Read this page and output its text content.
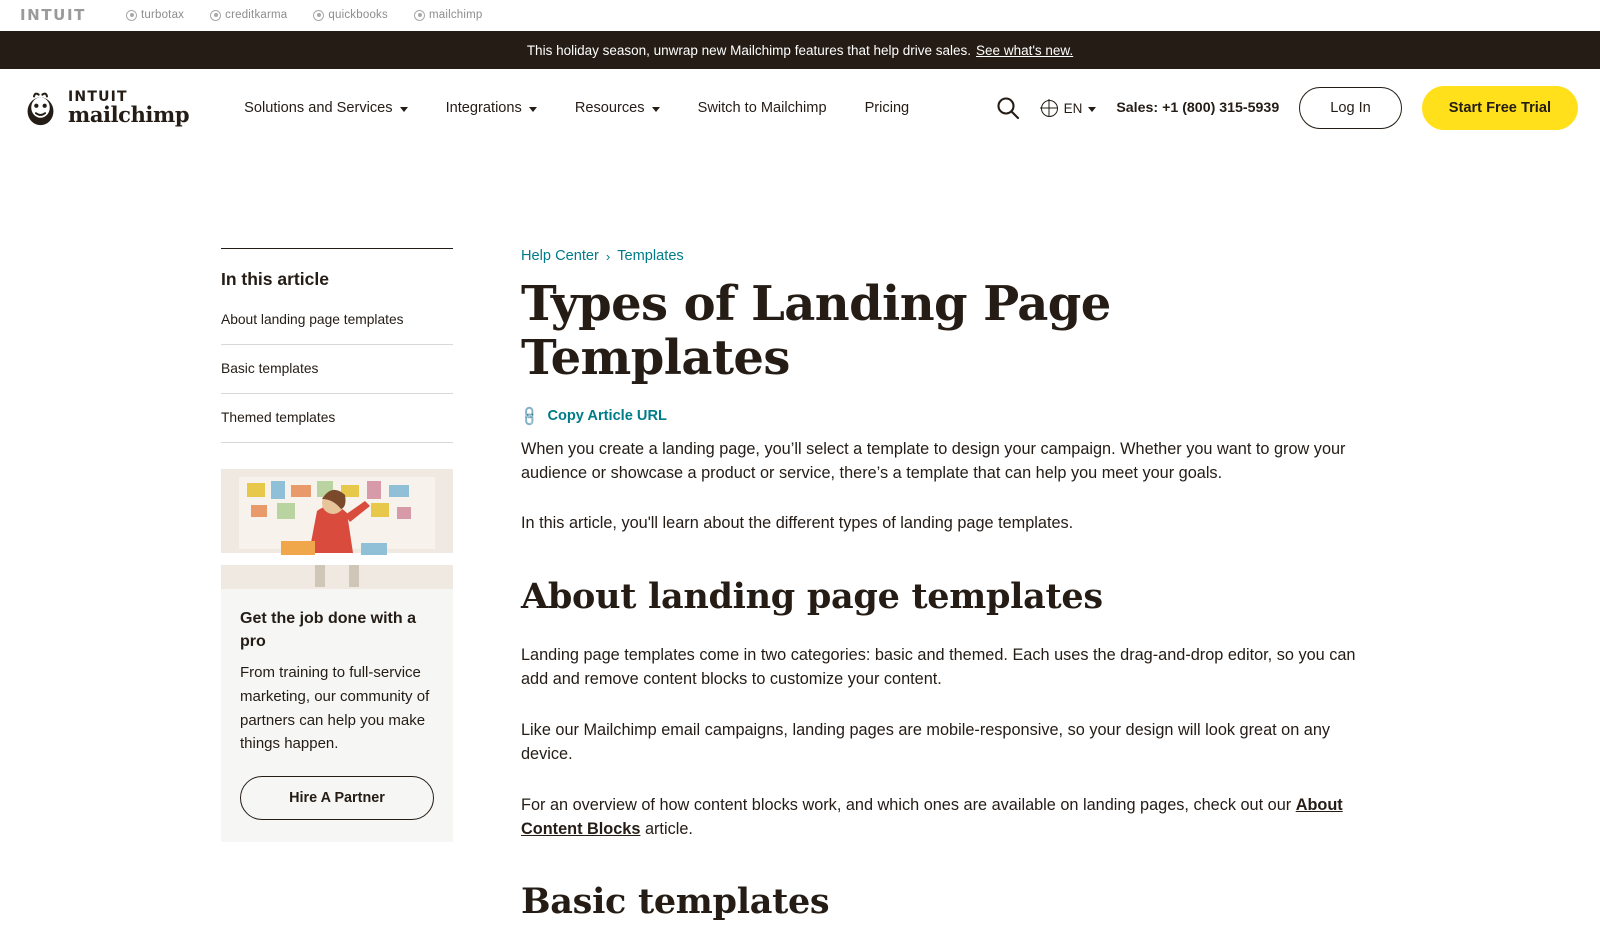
INTUIT	turbotax	creditkarma	quickbooks	mailchimp
This holiday season, unwrap new Mailchimp features that help drive sales. See what's new.
INTUIT
mailchimp	Solutions and Services	Integrations	Resources	Switch to Mailchimp	Pricing	EN Sales: +1 (800) 315-5939	Log In	Start Free Trial
In this article
About landing page templates
Basic templates
Themed templates

Get the job done with a pro

From training to full-service marketing, our community of partners can help you make things happen.

Hire A Partner
Help Center › Templates
Types of Landing Page Templates
🔗 Copy Article URL

When you create a landing page, you’ll select a template to design your campaign. Whether you want to grow your audience or showcase a product or service, there’s a template that can help you meet your goals.

In this article, you'll learn about the different types of landing page templates.

About landing page templates

Landing page templates come in two categories: basic and themed. Each uses the drag-and-drop editor, so you can add and remove content blocks to customize your content.

Like our Mailchimp email campaigns, landing pages are mobile-responsive, so your design will look great on any device.

For an overview of how content blocks work, and which ones are available on landing pages, check out our About Content Blocks article.

Basic templates
